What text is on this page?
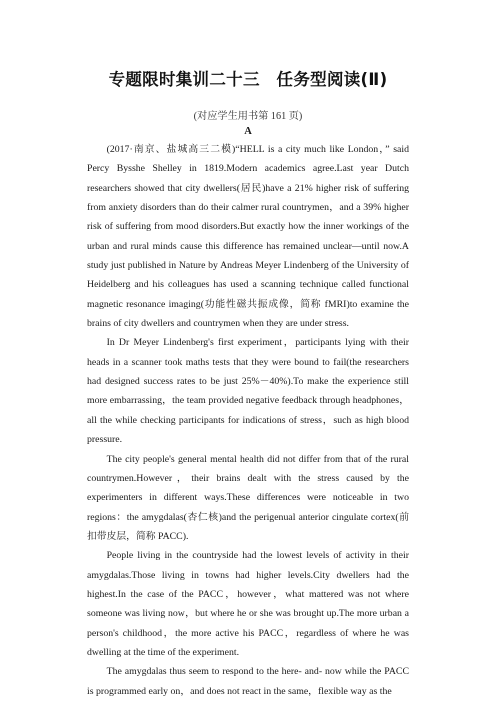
专题限时集训二十三　任务型阅读(Ⅱ)
(对应学生用书第 161 页)
A

(2017·南京、盐城高三二模)“HELL is a city much like London，” said Percy Bysshe Shelley in 1819.Modern academics agree.Last year Dutch researchers showed that city dwellers(居民)have a 21% higher risk of suffering from anxiety disorders than do their calmer rural countrymen，and a 39% higher risk of suffering from mood disorders.But exactly how the inner workings of the urban and rural minds cause this difference has remained unclear—until now.A study just published in Nature by Andreas Meyer Lindenberg of the University of Heidelberg and his colleagues has used a scanning technique called functional magnetic resonance imaging(功能性磁共振成像，简称 fMRI)to examine the brains of city dwellers and countrymen when they are under stress.

In Dr Meyer Lindenberg's first experiment，participants lying with their heads in a scanner took maths tests that they were bound to fail(the researchers had designed success rates to be just 25%－40%).To make the experience still more embarrassing，the team provided negative feedback through headphones，all the while checking participants for indications of stress，such as high blood pressure.

The city people's general mental health did not differ from that of the rural countrymen.However，their brains dealt with the stress caused by the experimenters in different ways.These differences were noticeable in two regions：the amygdalas(杏仁核)and the perigenual anterior cingulate cortex(前扣带皮层，简称 PACC).

People living in the countryside had the lowest levels of activity in their amygdalas.Those living in towns had higher levels.City dwellers had the highest.In the case of the PACC，however，what mattered was not where someone was living now，but where he or she was brought up.The more urban a person's childhood，the more active his PACC，regardless of where he was dwelling at the time of the experiment.

The amygdalas thus seem to respond to the here- and- now while the PACC is programmed early on，and does not react in the same，flexible way as the
